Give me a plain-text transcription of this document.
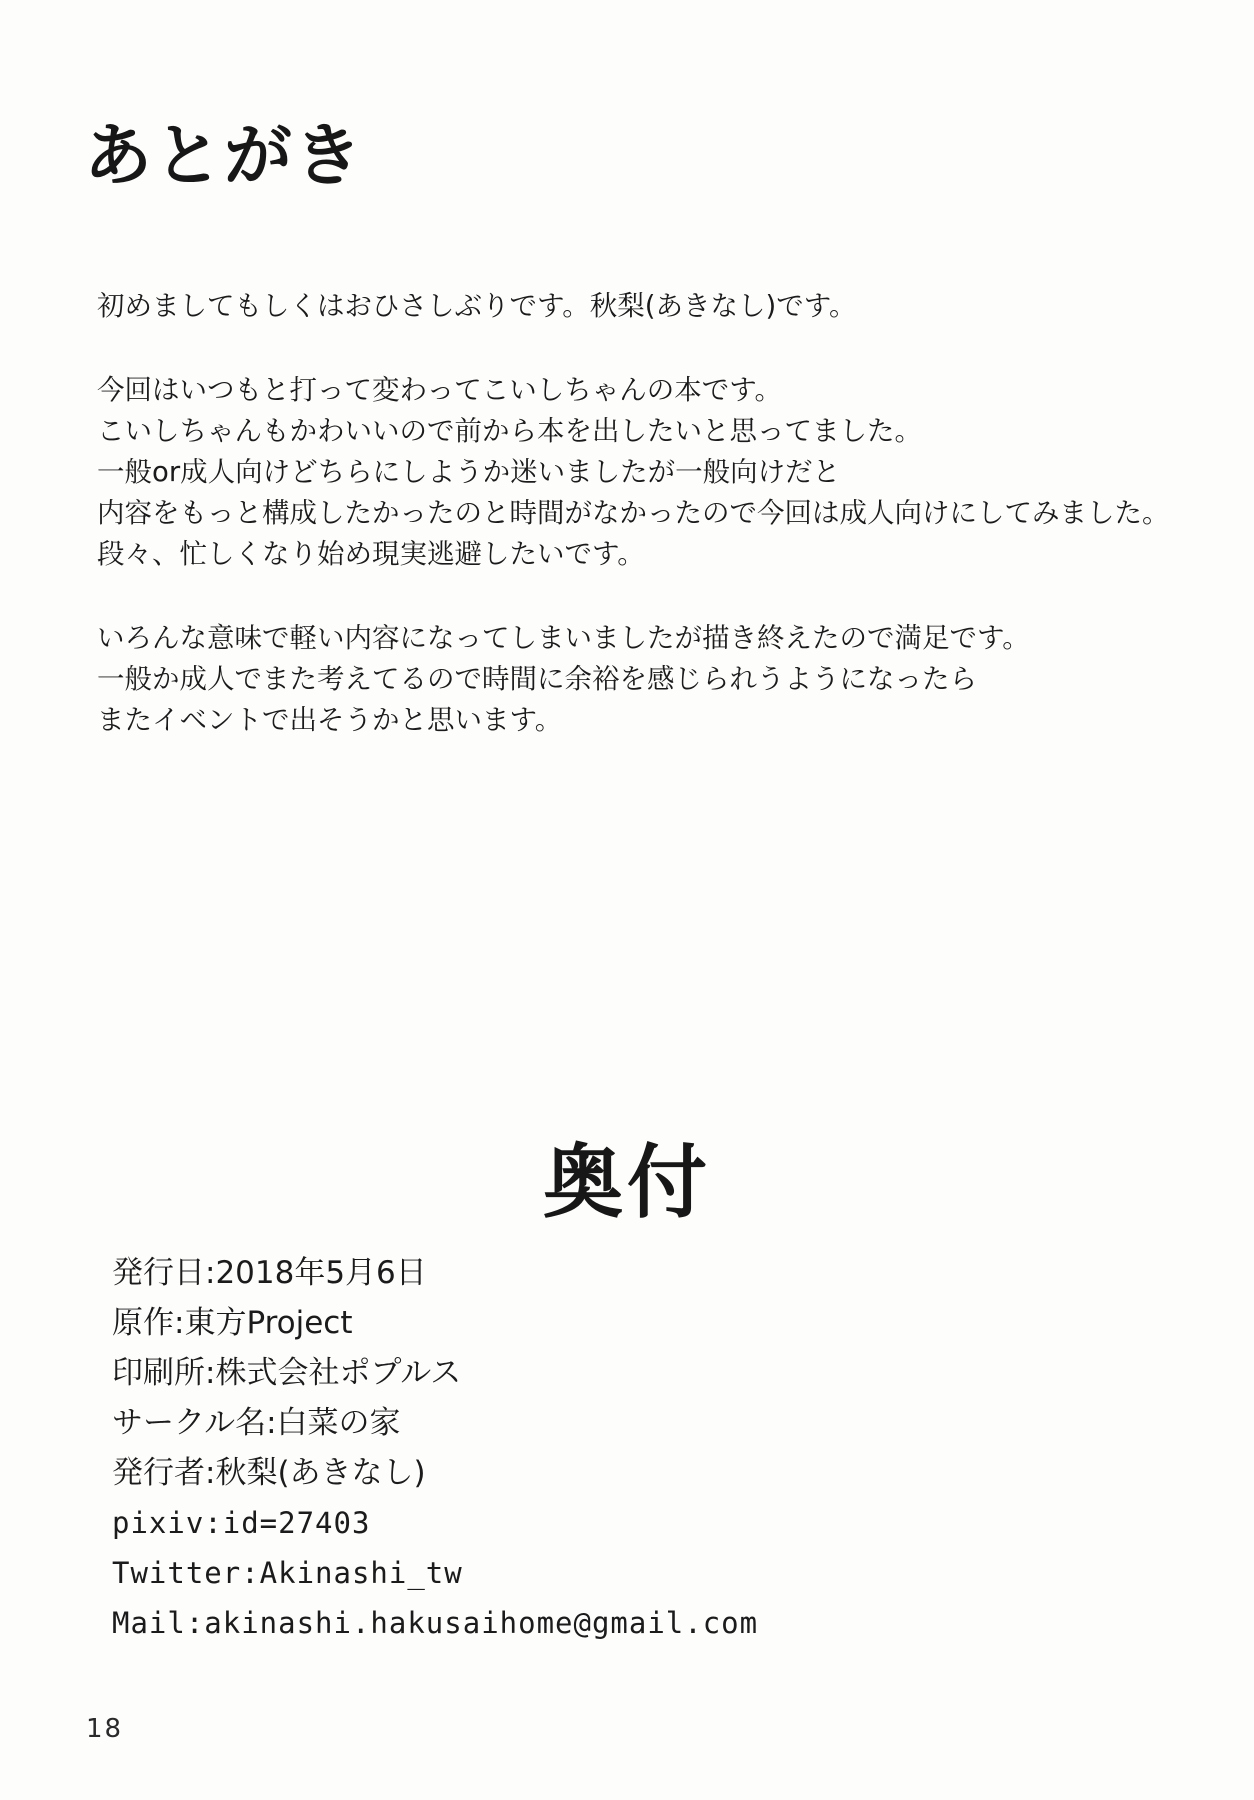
あとがき

初めましてもしくはおひさしぶりです。秋梨(あきなし)です。

今回はいつもと打って変わってこいしちゃんの本です。
こいしちゃんもかわいいので前から本を出したいと思ってました。
一般or成人向けどちらにしようか迷いましたが一般向けだと
内容をもっと構成したかったのと時間がなかったので今回は成人向けにしてみました。
段々、忙しくなり始め現実逃避したいです。

いろんな意味で軽い内容になってしまいましたが描き終えたので満足です。
一般か成人でまた考えてるので時間に余裕を感じられうようになったら
またイベントで出そうかと思います。

奥付
発行日:2018年5月6日
原作:東方Project
印刷所:株式会社ポプルス
サークル名:白菜の家
発行者:秋梨(あきなし)
pixiv:id=27403
Twitter:Akinashi_tw
Mail:akinashi.hakusaihome@gmail.com
18
